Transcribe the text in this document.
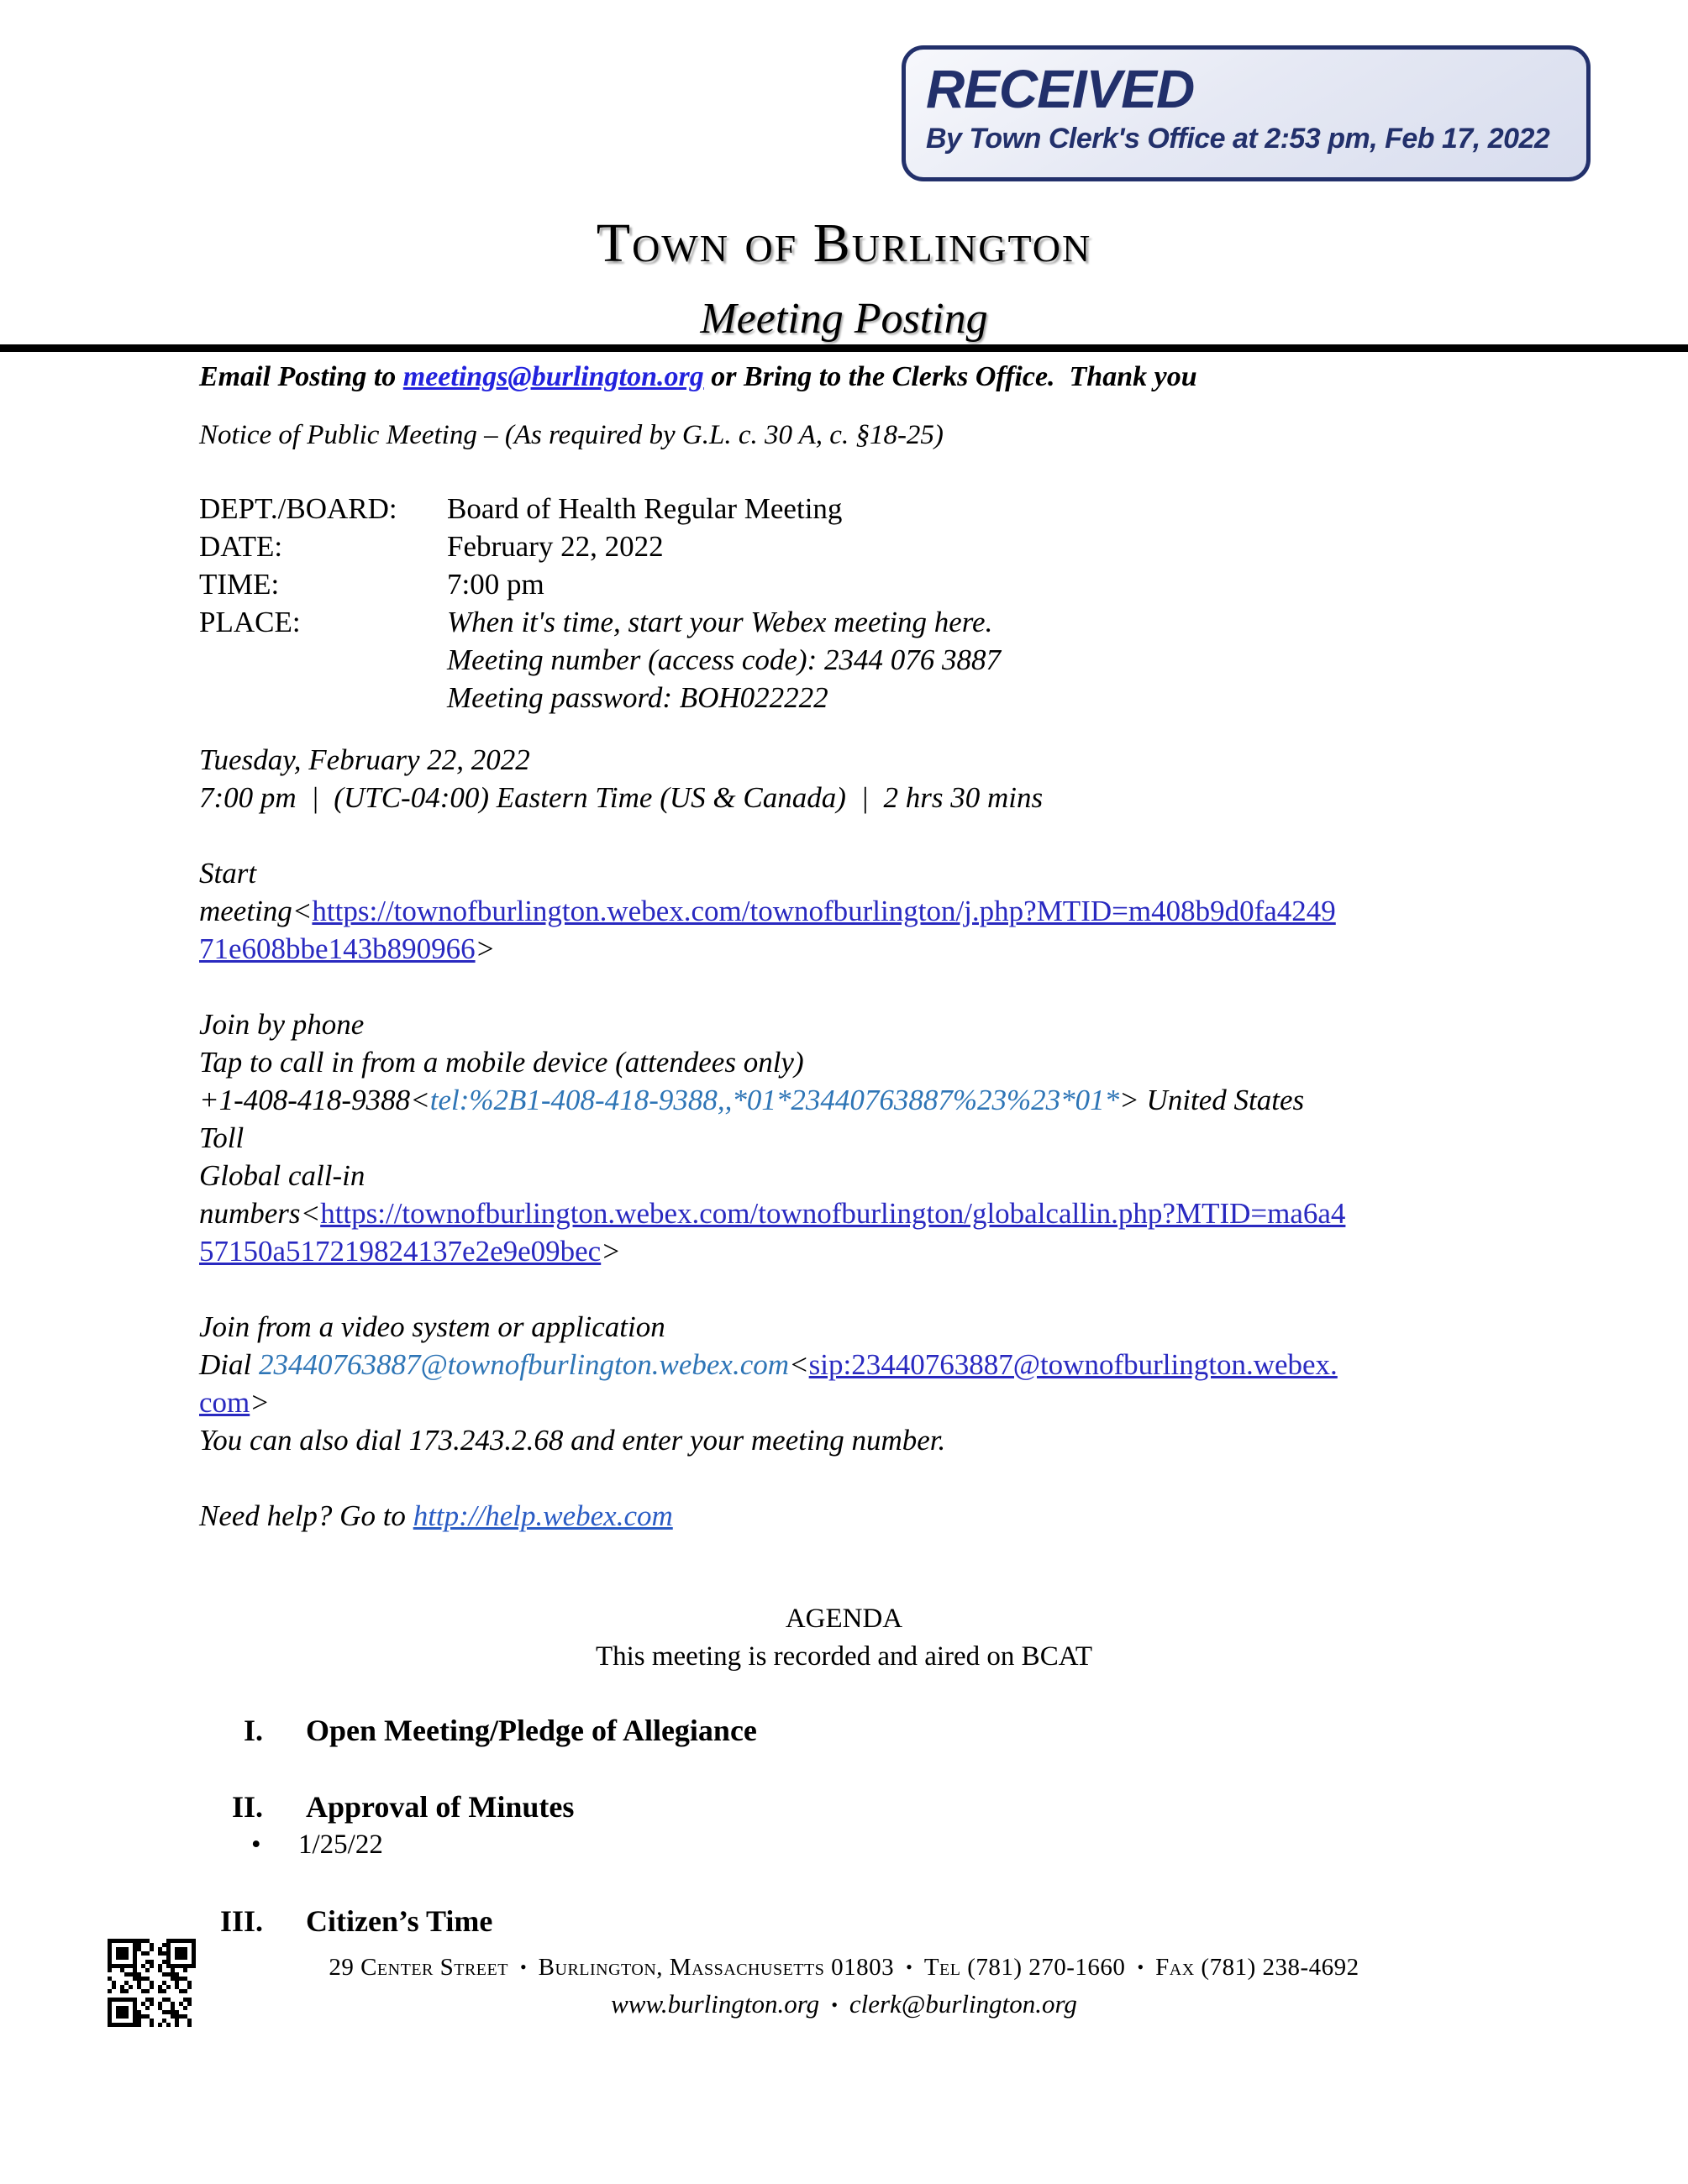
RECEIVED
By Town Clerk's Office at 2:53 pm, Feb 17, 2022
Town of Burlington
Meeting Posting
Email Posting to meetings@burlington.org or Bring to the Clerks Office.  Thank you
Notice of Public Meeting – (As required by G.L. c. 30 A, c. §18-25)
DEPT./BOARD:	Board of Health Regular Meeting
DATE:	February 22, 2022
TIME:	7:00 pm
PLACE:	When it's time, start your Webex meeting here.
Meeting number (access code): 2344 076 3887
Meeting password: BOH022222
Tuesday, February 22, 2022
7:00 pm  |  (UTC-04:00) Eastern Time (US & Canada)  |  2 hrs 30 mins

Start
meeting<https://townofburlington.webex.com/townofburlington/j.php?MTID=m408b9d0fa4249
71e608bbe143b890966>

Join by phone
Tap to call in from a mobile device (attendees only)
+1-408-418-9388<tel:%2B1-408-418-9388,,*01*23440763887%23%23*01*> United States
Toll
Global call-in
numbers<https://townofburlington.webex.com/townofburlington/globalcallin.php?MTID=ma6a4
57150a517219824137e2e9e09bec>

Join from a video system or application
Dial 23440763887@townofburlington.webex.com<sip:23440763887@townofburlington.webex.
com>
You can also dial 173.243.2.68 and enter your meeting number.

Need help? Go to http://help.webex.com
AGENDA
This meeting is recorded and aired on BCAT
I. Open Meeting/Pledge of Allegiance
II. Approval of Minutes
•	1/25/22
III. Citizen’s Time
29 Center Street • Burlington, Massachusetts 01803 • Tel (781) 270-1660 • Fax (781) 238-4692
www.burlington.org • clerk@burlington.org
